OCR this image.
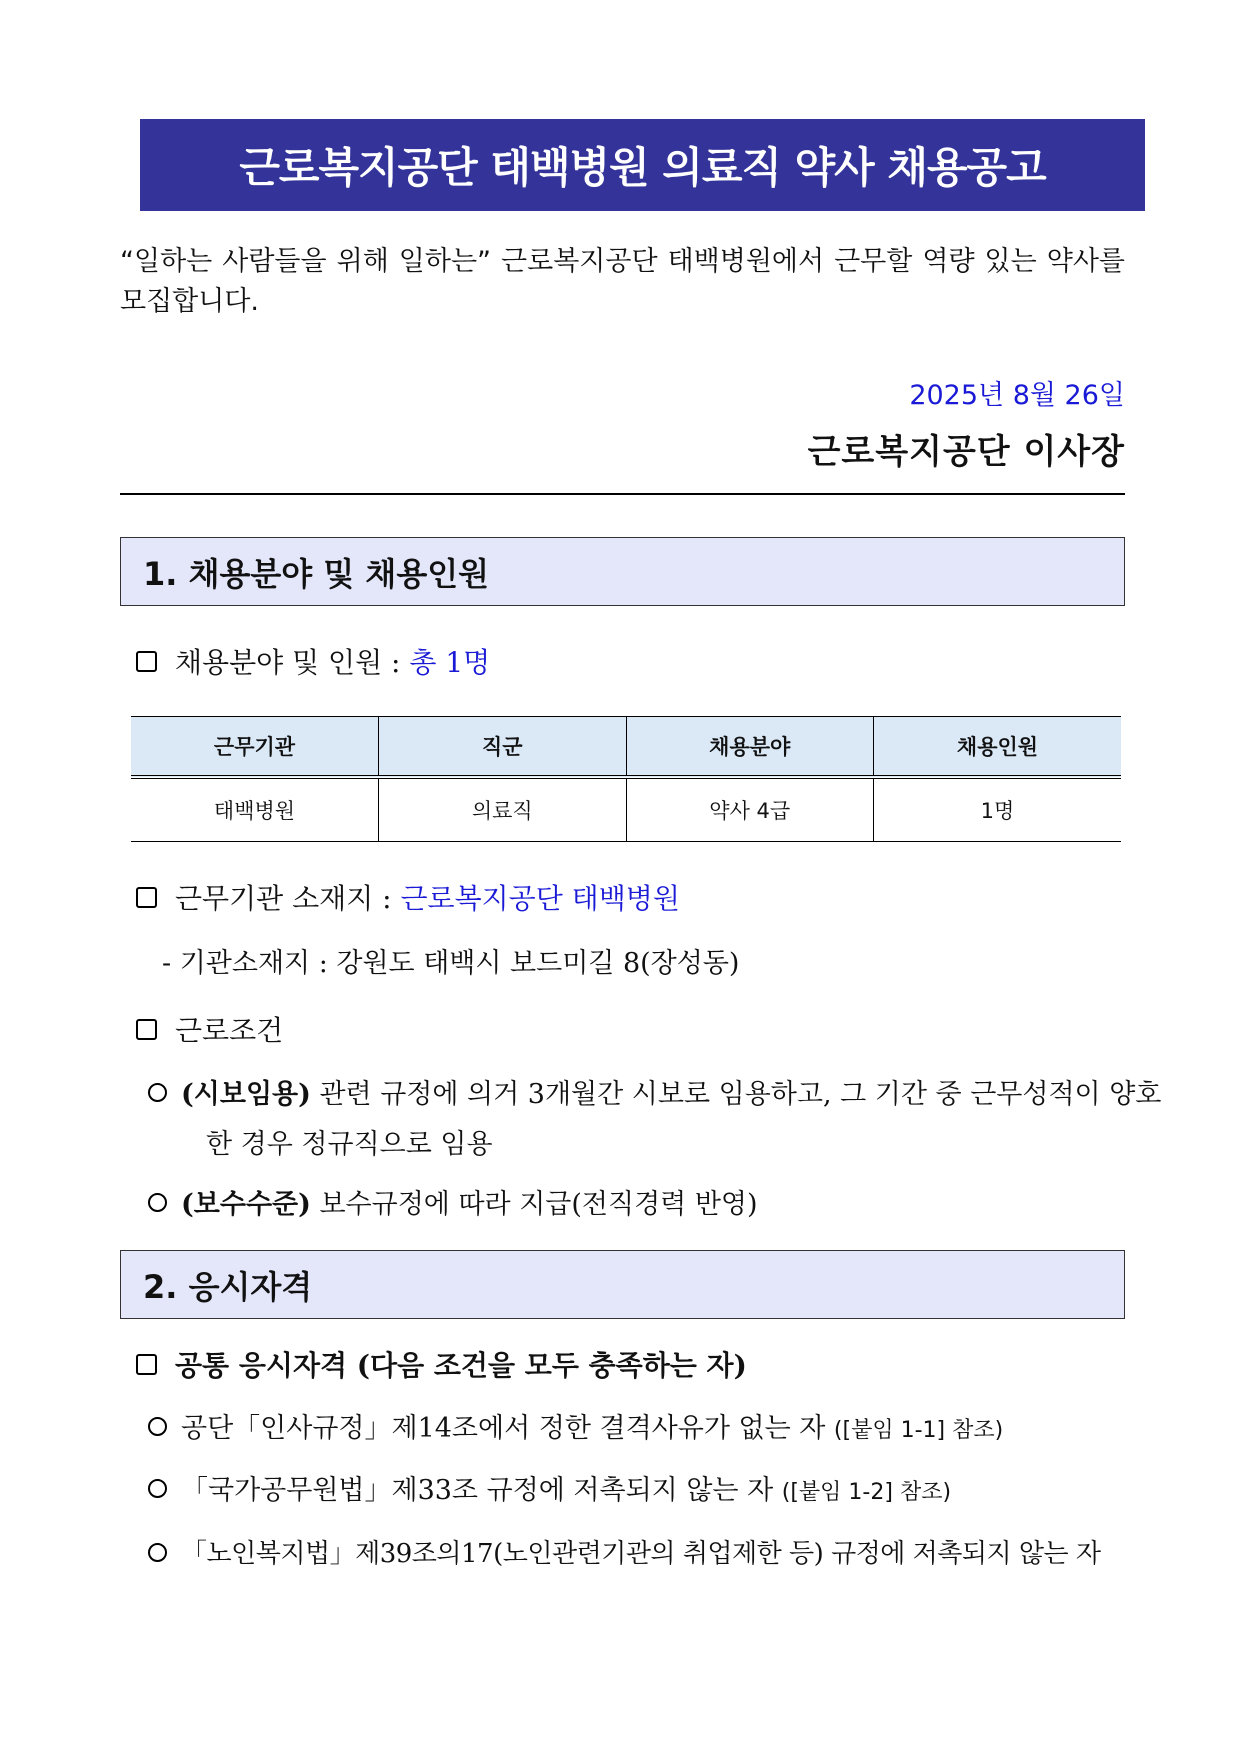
근로복지공단 태백병원 의료직 약사 채용공고
“일하는 사람들을 위해 일하는” 근로복지공단 태백병원에서 근무할 역량 있는 약사를 모집합니다.
2025년 8월 26일
근로복지공단 이사장
1. 채용분야 및 채용인원
채용분야 및 인원 : 총 1명
근무기관	직군	채용분야	채용인원
태백병원	의료직	약사 4급	1명
근무기관 소재지 : 근로복지공단 태백병원
- 기관소재지 : 강원도 태백시 보드미길 8(장성동)
근로조건
(시보임용) 관련 규정에 의거 3개월간 시보로 임용하고, 그 기간 중 근무성적이 양호한 경우 정규직으로 임용
(보수수준) 보수규정에 따라 지급(전직경력 반영)
2. 응시자격
공통 응시자격 (다음 조건을 모두 충족하는 자)
공단「인사규정」제14조에서 정한 결격사유가 없는 자 ([붙임 1-1] 참조)
「국가공무원법」제33조 규정에 저촉되지 않는 자 ([붙임 1-2] 참조)
「노인복지법」제39조의17(노인관련기관의 취업제한 등) 규정에 저촉되지 않는 자
